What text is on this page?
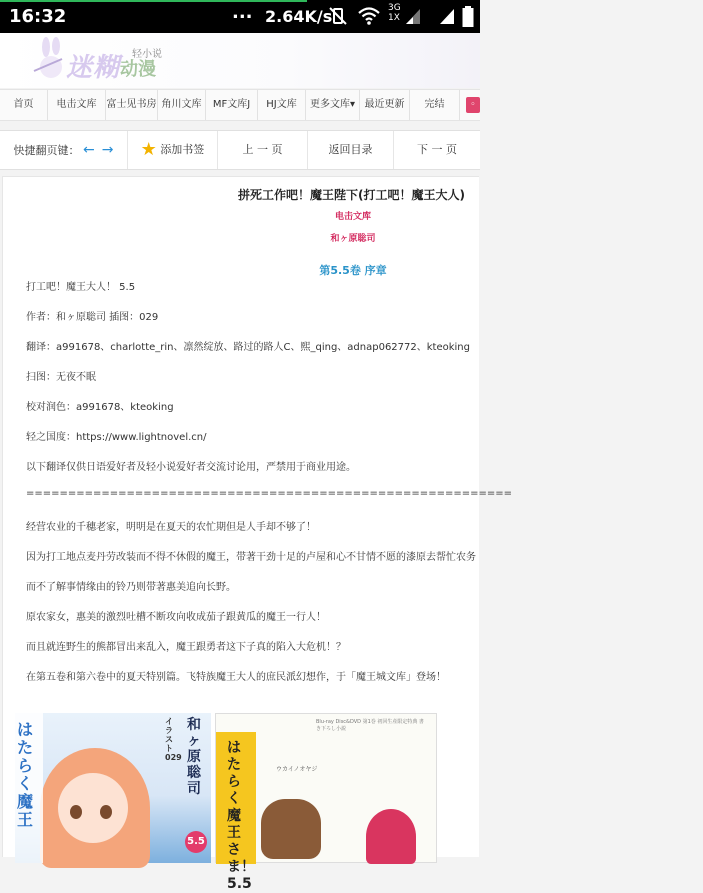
16:32	... 2.64K/s	3G
1X
迷糊 动漫
轻小说
首页	电击文库	富士见书房 角川文库	MF文库J	HJ文库	更多文库▾ 最近更新	完结	◦
快捷翻页键： ← →	★ 添加书签	上 一 页	返回目录	下 一 页
拼死工作吧！魔王陛下(打工吧！魔王大人)
电击文库
和ヶ原聡司
第5.5卷 序章
打工吧！魔王大人！ 5.5
作者：和ヶ原聡司 插图：029
翻译：a991678、charlotte_rin、凛然绽放、路过的路人C、熙_qing、adnap062772、kteoking
扫图：无夜不眠
校对润色：a991678、kteoking
轻之国度：https://www.lightnovel.cn/
以下翻译仅供日语爱好者及轻小说爱好者交流讨论用，严禁用于商业用途。
==========================================================
经营农业的千穗老家，明明是在夏天的农忙期但是人手却不够了！
因为打工地点麦丹劳改装而不得不休假的魔王，带著干劲十足的卢屋和心不甘情不愿的漆原去帮忙农务
而不了解事情缘由的铃乃则带著惠美追向长野。
原农家女，惠美的激烈吐槽不断攻向收成茄子跟黄瓜的魔王一行人！
而且就连野生的熊都冒出来乱入，魔王跟勇者这下子真的陷入大危机！？
在第五卷和第六卷中的夏天特别篇。飞特族魔王大人的庶民派幻想作，于「魔王城文库」登场！
はたらく魔王
和ヶ原聡司
イラスト029
5.5
はたらく魔王さま！5.5
Blu-ray Disc&DVD 第1巻 初回生産限定特典 書き下ろし小説
ウカイノオヤジ
